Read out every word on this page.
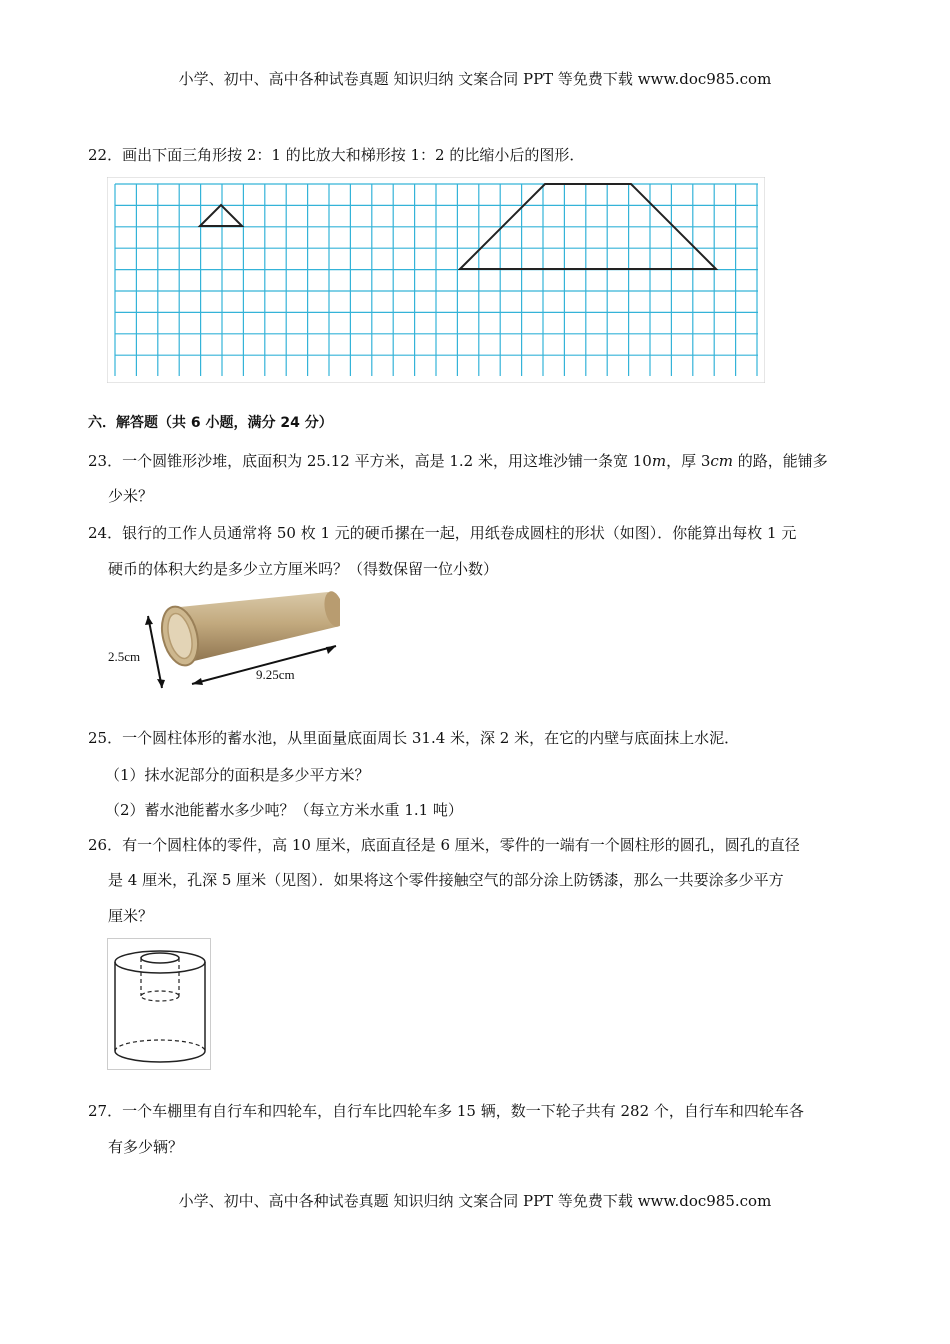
小学、初中、高中各种试卷真题 知识归纳 文案合同 PPT 等免费下载 www.doc985.com
22．画出下面三角形按 2：1 的比放大和梯形按 1：2 的比缩小后的图形．
六．解答题（共 6 小题，满分 24 分）
23．一个圆锥形沙堆，底面积为 25.12 平方米，高是 1.2 米，用这堆沙铺一条宽 10m，厚 3cm 的路，能铺多
少米？
24．银行的工作人员通常将 50 枚 1 元的硬币摞在一起，用纸卷成圆柱的形状（如图）．你能算出每枚 1 元
硬币的体积大约是多少立方厘米吗？（得数保留一位小数）
2.5cm
9.25cm
25．一个圆柱体形的蓄水池，从里面量底面周长 31.4 米，深 2 米，在它的内壁与底面抹上水泥．
（1）抹水泥部分的面积是多少平方米？
（2）蓄水池能蓄水多少吨？（每立方米水重 1.1 吨）
26．有一个圆柱体的零件，高 10 厘米，底面直径是 6 厘米，零件的一端有一个圆柱形的圆孔，圆孔的直径
是 4 厘米，孔深 5 厘米（见图）．如果将这个零件接触空气的部分涂上防锈漆，那么一共要涂多少平方
厘米？
27．一个车棚里有自行车和四轮车，自行车比四轮车多 15 辆，数一下轮子共有 282 个，自行车和四轮车各
有多少辆？
小学、初中、高中各种试卷真题 知识归纳 文案合同 PPT 等免费下载 www.doc985.com
